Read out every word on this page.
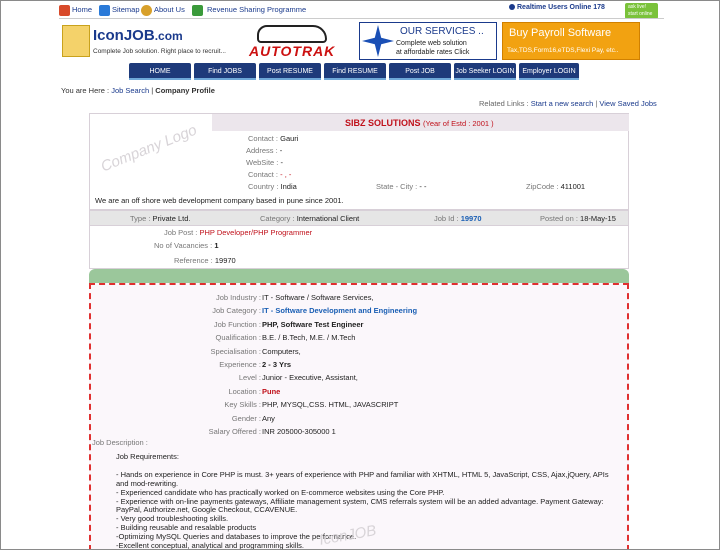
Home	Sitemap About Us	Revenue Sharing Programme	Realtime Users Online 178	ask live!
start online
IconJOB.com
Complete Job solution. Right place to recruit... AUTOTRAK
OUR SERVICES ..
Complete web solution
at affordable rates Click
Buy Payroll Software
Tax,TDS,Form16,eTDS,Flexi Pay, etc..
HOME	Find JOBS	Post RESUME	Find RESUME	Post JOB	Job Seeker LOGIN	Employer LOGIN
You are Here : Job Search | Company Profile
Related Links : Start a new search | View Saved Jobs
Company Logo	SIBZ SOLUTIONS (Year of Estd : 2001 )
Contact : Gauri
Address : -
WebSite : -
Contact : - , -
Country : India	State - City : - -	ZipCode : 411001
We are an off shore web development company based in pune since 2001.
Type : Private Ltd.	Category : International Client	Job Id : 19970	Posted on : 18-May-15
Job Post : PHP Developer/PHP Programmer
No of Vacancies : 1
Reference : 19970
Job Industry : IT - Software / Software Services,
Job Category : IT - Software Development and Engineering
Job Function : PHP, Software Test Engineer
Qualification : B.E. / B.Tech, M.E. / M.Tech
Specialisation : Computers,
Experience : 2 - 3 Yrs
Level : Junior - Executive, Assistant,
Location : Pune
Key Skills : PHP, MYSQL,CSS. HTML, JAVASCRIPT
Gender : Any
Salary Offered : INR 205000-305000 1
Job Description :
Job Requirements:
- Hands on experience in Core PHP is must. 3+ years of experience with PHP and familiar with XHTML, HTML 5, JavaScript, CSS, Ajax,jQuery, APIs
and mod-rewriting.
- Experienced candidate who has practically worked on E-commerce websites using the Core PHP.
- Experience with on-line payments gateways, Affiliate management system, CMS referrals system will be an added advantage. Payment Gateway:
PayPal, Authorize.net, Google Checkout, CCAVENUE.
- Very good troubleshooting skills.
- Building reusable and resalable products
-Optimizing MySQL Queries and databases to improve the performance.
-Excellent conceptual, analytical and programming skills. IconJOB
